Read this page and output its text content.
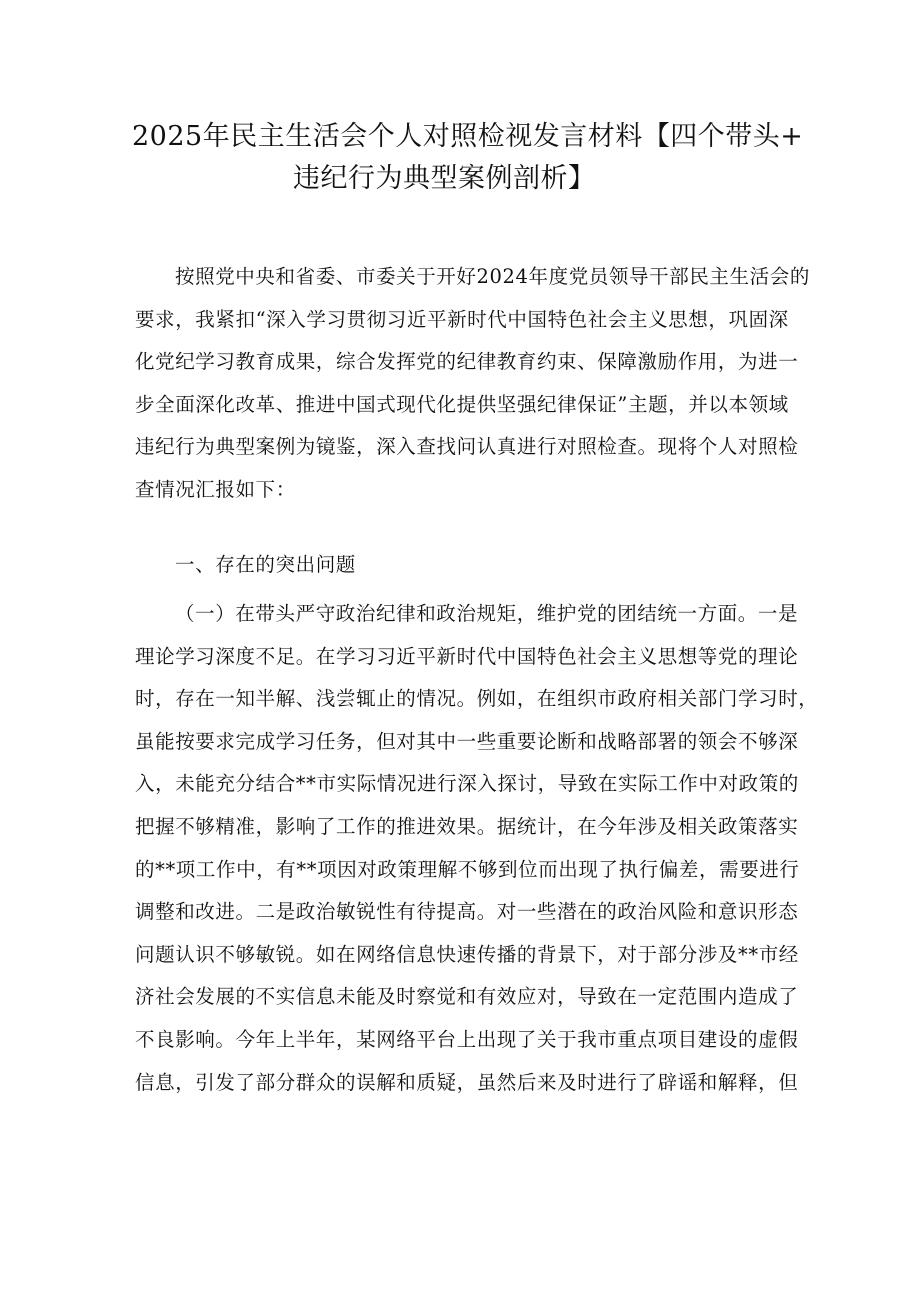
2025年民主生活会个人对照检视发言材料【四个带头+
违纪行为典型案例剖析】
按照党中央和省委、市委关于开好2024年度党员领导干部民主生活会的
要求，我紧扣“深入学习贯彻习近平新时代中国特色社会主义思想，巩固深
化党纪学习教育成果，综合发挥党的纪律教育约束、保障激励作用，为进一
步全面深化改革、推进中国式现代化提供坚强纪律保证”主题，并以本领域
违纪行为典型案例为镜鉴，深入查找问认真进行对照检查。现将个人对照检
查情况汇报如下：
一、存在的突出问题
（一）在带头严守政治纪律和政治规矩，维护党的团结统一方面。一是
理论学习深度不足。在学习习近平新时代中国特色社会主义思想等党的理论
时，存在一知半解、浅尝辄止的情况。例如，在组织市政府相关部门学习时，
虽能按要求完成学习任务，但对其中一些重要论断和战略部署的领会不够深
入，未能充分结合**市实际情况进行深入探讨，导致在实际工作中对政策的
把握不够精准，影响了工作的推进效果。据统计，在今年涉及相关政策落实
的**项工作中，有**项因对政策理解不够到位而出现了执行偏差，需要进行
调整和改进。二是政治敏锐性有待提高。对一些潜在的政治风险和意识形态
问题认识不够敏锐。如在网络信息快速传播的背景下，对于部分涉及**市经
济社会发展的不实信息未能及时察觉和有效应对，导致在一定范围内造成了
不良影响。今年上半年，某网络平台上出现了关于我市重点项目建设的虚假
信息，引发了部分群众的误解和质疑，虽然后来及时进行了辟谣和解释，但
